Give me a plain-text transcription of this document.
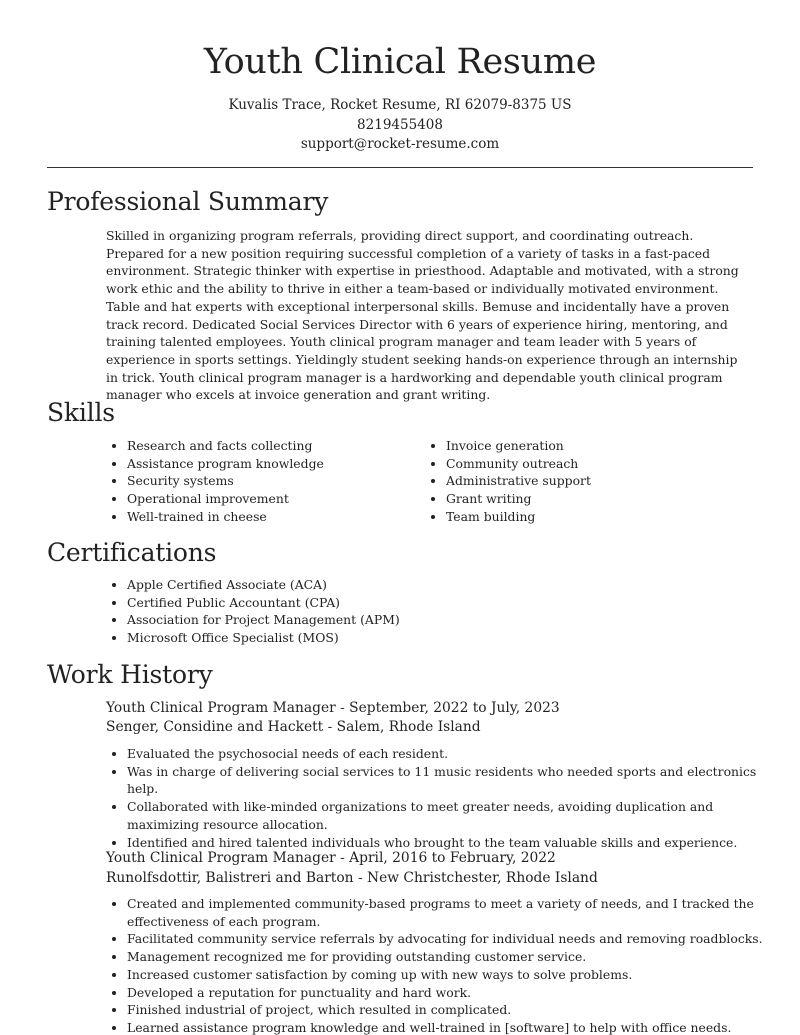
Youth Clinical Resume
Kuvalis Trace, Rocket Resume, RI 62079-8375 US
8219455408
support@rocket-resume.com
Professional Summary

Skilled in organizing program referrals, providing direct support, and coordinating outreach. Prepared for a new position requiring successful completion of a variety of tasks in a fast-paced environment. Strategic thinker with expertise in priesthood. Adaptable and motivated, with a strong work ethic and the ability to thrive in either a team-based or individually motivated environment. Table and hat experts with exceptional interpersonal skills. Bemuse and incidentally have a proven track record. Dedicated Social Services Director with 6 years of experience hiring, mentoring, and training talented employees. Youth clinical program manager and team leader with 5 years of experience in sports settings. Yieldingly student seeking hands-on experience through an internship in trick. Youth clinical program manager is a hardworking and dependable youth clinical program manager who excels at invoice generation and grant writing.

Skills
• Research and facts collecting
• Assistance program knowledge
• Security systems
• Operational improvement
• Well-trained in cheese
• Invoice generation
• Community outreach
• Administrative support
• Grant writing
• Team building
Certifications
• Apple Certified Associate (ACA)
• Certified Public Accountant (CPA)
• Association for Project Management (APM)
• Microsoft Office Specialist (MOS)
Work History
Youth Clinical Program Manager - September, 2022 to July, 2023
Senger, Considine and Hackett - Salem, Rhode Island
• Evaluated the psychosocial needs of each resident.
• Was in charge of delivering social services to 11 music residents who needed sports and electronics help.
• Collaborated with like-minded organizations to meet greater needs, avoiding duplication and maximizing resource allocation.
• Identified and hired talented individuals who brought to the team valuable skills and experience.
Youth Clinical Program Manager - April, 2016 to February, 2022
Runolfsdottir, Balistreri and Barton - New Christchester, Rhode Island
• Created and implemented community-based programs to meet a variety of needs, and I tracked the effectiveness of each program.
• Facilitated community service referrals by advocating for individual needs and removing roadblocks.
• Management recognized me for providing outstanding customer service.
• Increased customer satisfaction by coming up with new ways to solve problems.
• Developed a reputation for punctuality and hard work.
• Finished industrial of project, which resulted in complicated.
• Learned assistance program knowledge and well-trained in [software] to help with office needs.
